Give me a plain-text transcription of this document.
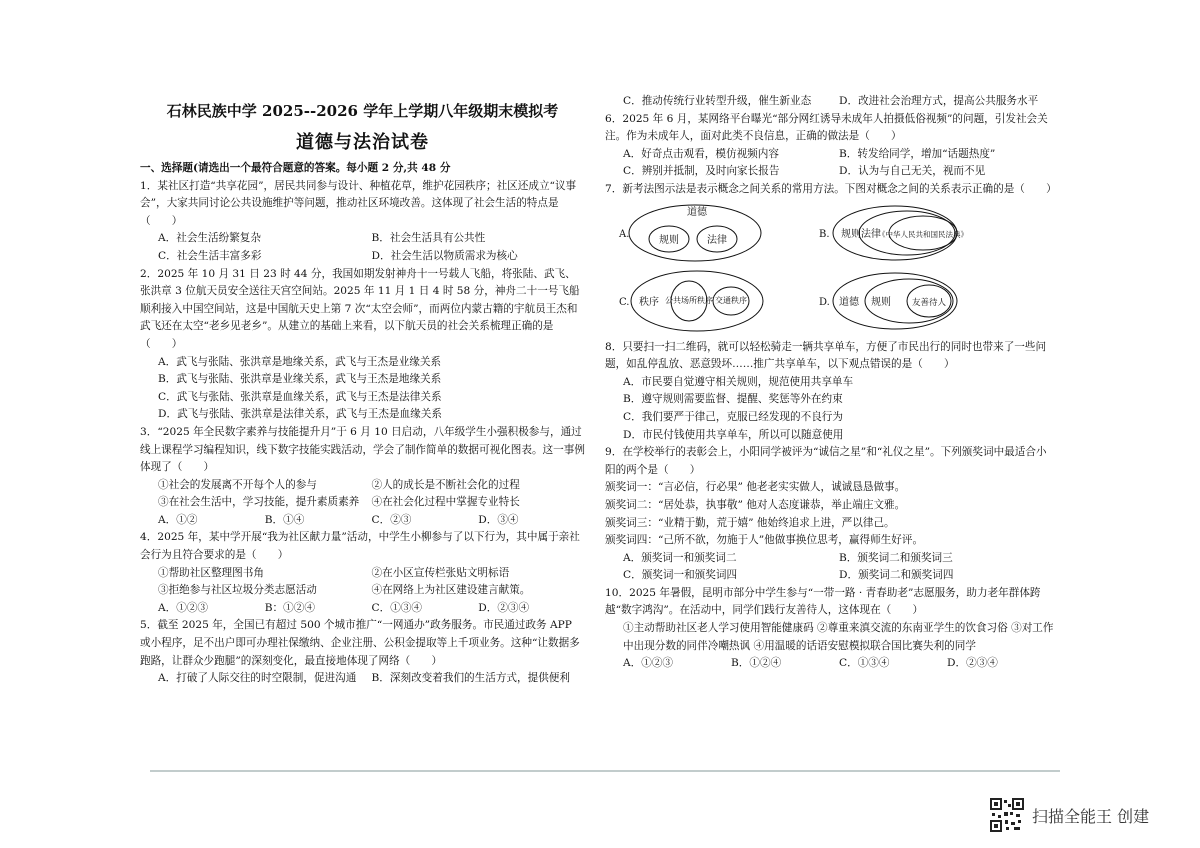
石林民族中学 2025--2026 学年上学期八年级期末模拟考
道德与法治试卷
一、选择题(请选出一个最符合题意的答案。每小题 2 分,共 48 分

1．某社区打造“共享花园”，居民共同参与设计、种植花草，维护花园秩序；社区还成立“议事会”，大家共同讨论公共设施维护等问题，推动社区环境改善。这体现了社会生活的特点是（　　）

A．社会生活纷繁复杂	B．社会生活具有公共性
C．社会生活丰富多彩	D．社会生活以物质需求为核心

2．2025 年 10 月 31 日 23 时 44 分，我国如期发射神舟十一号载人飞船，将张陆、武飞、张洪章 3 位航天员安全送往天宫空间站。2025 年 11 月 1 日 4 时 58 分，神舟二十一号飞船顺利接入中国空间站，这是中国航天史上第 7 次“太空会师”，而两位内蒙古籍的宇航员王杰和武飞还在太空“老乡见老乡”。从建立的基础上来看，以下航天员的社会关系梳理正确的是（　　）

A．武飞与张陆、张洪章是地缘关系，武飞与王杰是业缘关系
B．武飞与张陆、张洪章是业缘关系，武飞与王杰是地缘关系
C．武飞与张陆、张洪章是血缘关系，武飞与王杰是法律关系
D．武飞与张陆、张洪章是法律关系，武飞与王杰是血缘关系

3．“2025 年全民数字素养与技能提升月”于 6 月 10 日启动，八年级学生小强积极参与，通过线上课程学习编程知识，线下数字技能实践活动，学会了制作简单的数据可视化图表。这一事例体现了（　　）

①社会的发展离不开每个人的参与	②人的成长是不断社会化的过程
③在社会生活中，学习技能，提升素质素养	④在社会化过程中掌握专业特长
A．①②	B．①④	C．②③	D．③④

4．2025 年，某中学开展“我为社区献力量”活动，中学生小柳参与了以下行为，其中属于亲社会行为且符合要求的是（　　）

①帮助社区整理图书角	②在小区宣传栏张贴文明标语
③拒绝参与社区垃圾分类志愿活动	④在网络上为社区建设建言献策。
A．①②③	B：①②④	C．①③④	D．②③④

5．截至 2025 年，全国已有超过 500 个城市推广“一网通办”政务服务。市民通过政务 APP 或小程序，足不出户即可办理社保缴纳、企业注册、公积金提取等上千项业务。这种“让数据多跑路，让群众少跑腿”的深刻变化，最直接地体现了网络（　　）

A．打破了人际交往的时空限制，促进沟通	B．深刻改变着我们的生活方式，提供便利
C．推动传统行业转型升级，催生新业态	D．改进社会治理方式，提高公共服务水平

6．2025 年 6 月，某网络平台曝光“部分网红诱导未成年人拍摄低俗视频”的问题，引发社会关注。作为未成年人，面对此类不良信息，正确的做法是（　　）

A．好奇点击观看，模仿视频内容	B．转发给同学，增加“话题热度”
C．辨别并抵制，及时向家长报告	D．认为与自己无关，视而不见

7．新考法图示法是表示概念之间关系的常用方法。下图对概念之间的关系表示正确的是（　　）

A.
道德
规则	法律
B. 规则 法律
《中华人民共和国民法典》
C. 秩序 公共场所秩序 交通秩序	D. 道德 规则 友善待人

8．只要扫一扫二维码，就可以轻松骑走一辆共享单车，方便了市民出行的同时也带来了一些问题，如乱停乱放、恶意毁坏……推广共享单车，以下观点错误的是（　　）

A．市民要自觉遵守相关规则，规范使用共享单车
B．遵守规则需要监督、提醒、奖惩等外在约束
C．我们要严于律己，克服已经发现的不良行为
D．市民付钱使用共享单车，所以可以随意使用

9．在学校举行的表彰会上，小阳同学被评为“诚信之星”和“礼仪之星”。下列颁奖词中最适合小阳的两个是（　　）

颁奖词一：“言必信，行必果” 他老老实实做人，诚诚恳恳做事。
颁奖词二：“居处恭，执事敬” 他对人态度谦恭，举止端庄文雅。
颁奖词三：“业精于勤，荒于嬉” 他始终追求上进，严以律己。
颁奖词四：“己所不欲，勿施于人”他做事换位思考，赢得师生好评。
A．颁奖词一和颁奖词二	B．颁奖词二和颁奖词三
C．颁奖词一和颁奖词四	D．颁奖词二和颁奖词四

10．2025 年暑假，昆明市部分中学生参与“一带一路 · 青春助老”志愿服务，助力老年群体跨越“数字鸿沟”。在活动中，同学们践行友善待人，这体现在（　　）

①主动帮助社区老人学习使用智能健康码 ②尊重来滇交流的东南亚学生的饮食习俗 ③对工作中出现分数的同伴冷嘲热讽 ④用温暖的话语安慰模拟联合国比赛失利的同学
A．①②③	B．①②④	C．①③④	D．②③④
扫描全能王 创建
